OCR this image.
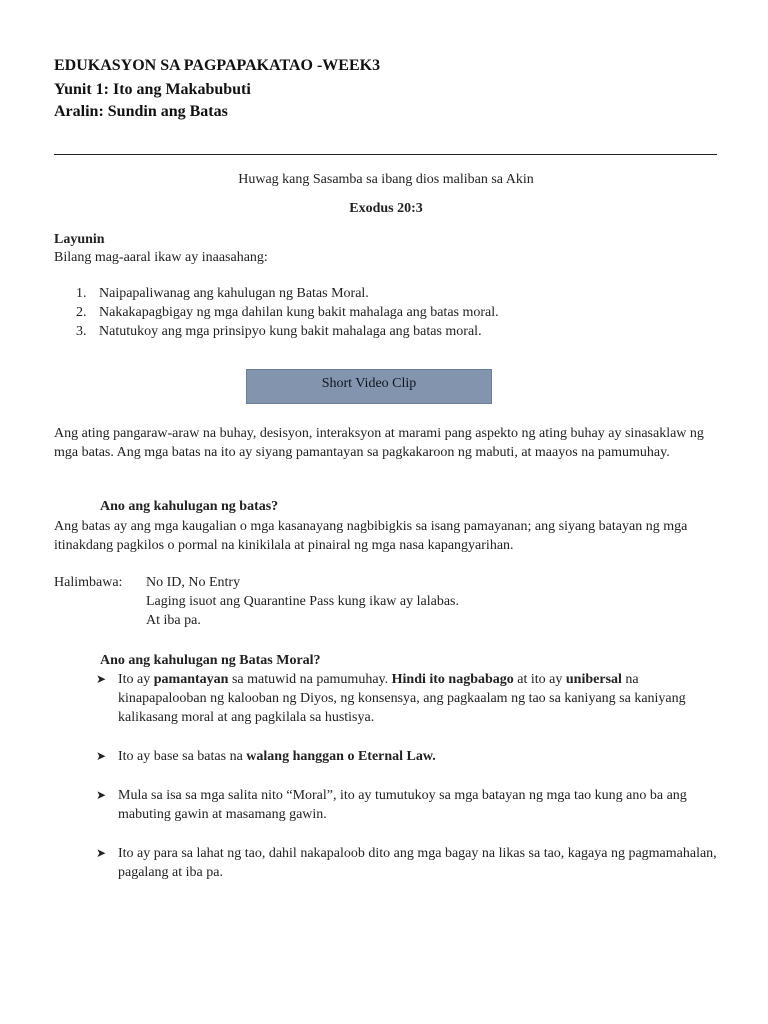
EDUKASYON SA PAGPAPAKATAO -WEEK3
Yunit 1: Ito ang Makabubuti
Aralin: Sundin ang Batas
Huwag kang Sasamba sa ibang dios maliban sa Akin
Exodus 20:3
Layunin
Bilang mag-aaral ikaw ay inaasahang:
1. Naipapaliwanag ang kahulugan ng Batas Moral.
2. Nakakapagbigay ng mga dahilan kung bakit mahalaga ang batas moral.
3. Natutukoy ang mga prinsipyo kung bakit mahalaga ang batas moral.
Short Video Clip
Ang ating pangaraw-araw na buhay, desisyon, interaksyon at marami pang aspekto ng ating buhay ay sinasaklaw ng mga batas. Ang mga batas na ito ay siyang pamantayan sa pagkakaroon ng mabuti, at maayos na pamumuhay.
Ano ang kahulugan ng batas?
Ang batas ay ang mga kaugalian o mga kasanayang nagbibigkis sa isang pamayanan; ang siyang batayan ng mga itinakdang pagkilos o pormal na kinikilala at pinairal ng mga nasa kapangyarihan.
Halimbawa: No ID, No Entry
Laging isuot ang Quarantine Pass kung ikaw ay lalabas.
At iba pa.
Ano ang kahulugan ng Batas Moral?
➤ Ito ay pamantayan sa matuwid na pamumuhay. Hindi ito nagbabago at ito ay unibersal na kinapapalooban ng kalooban ng Diyos, ng konsensya, ang pagkaalam ng tao sa kaniyang sa kaniyang kalikasang moral at ang pagkilala sa hustisya.
➤ Ito ay base sa batas na walang hanggan o Eternal Law.
➤ Mula sa isa sa mga salita nito “Moral”, ito ay tumutukoy sa mga batayan ng mga tao kung ano ba ang mabuting gawin at masamang gawin.
➤ Ito ay para sa lahat ng tao, dahil nakapaloob dito ang mga bagay na likas sa tao, kagaya ng pagmamahalan, pagalang at iba pa.
